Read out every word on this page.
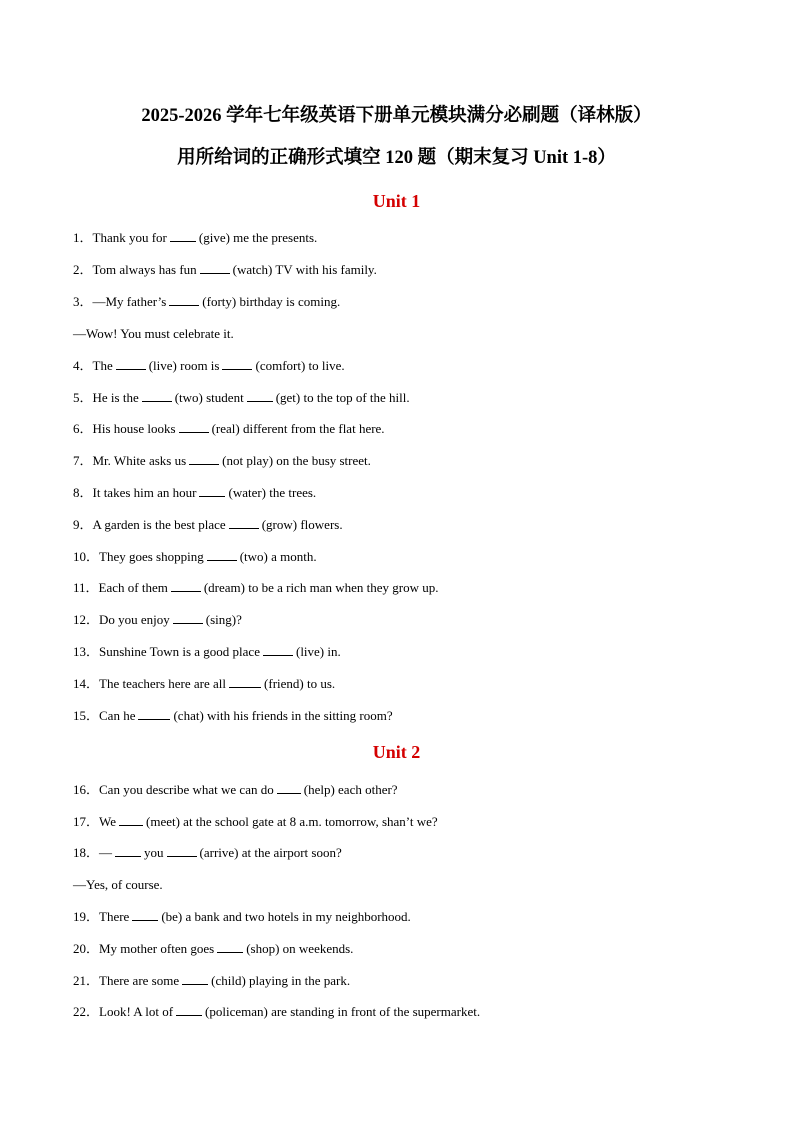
2025-2026 学年七年级英语下册单元模块满分必刷题（译林版）
用所给词的正确形式填空 120 题（期末复习 Unit 1-8）
Unit 1
1．Thank you for (give) me the presents.
2．Tom always has fun	(watch) TV with his family.
3．—My father’s	(forty) birthday is coming.
—Wow! You must celebrate it.
4．The	(live) room is	(comfort) to live.
5．He is the	(two) student (get) to the top of the hill.
6．His house looks	(real) different from the flat here.
7．Mr. White asks us	(not play) on the busy street.
8．It takes him an hour (water) the trees.
9．A garden is the best place	(grow) flowers.
10．They goes shopping	(two) a month.
11．Each of them	(dream) to be a rich man when they grow up.
12．Do you enjoy	(sing)?
13．Sunshine Town is a good place	(live) in.
14．The teachers here are all	(friend) to us.
15．Can he	(chat) with his friends in the sitting room?
Unit 2
16．Can you describe what we can do (help) each other?
17．We (meet) at the school gate at 8 a.m. tomorrow, shan’t we?
18．— you	(arrive) at the airport soon?
—Yes, of course.
19．There (be) a bank and two hotels in my neighborhood.
20．My mother often goes (shop) on weekends.
21．There are some (child) playing in the park.
22．Look! A lot of (policeman) are standing in front of the supermarket.
